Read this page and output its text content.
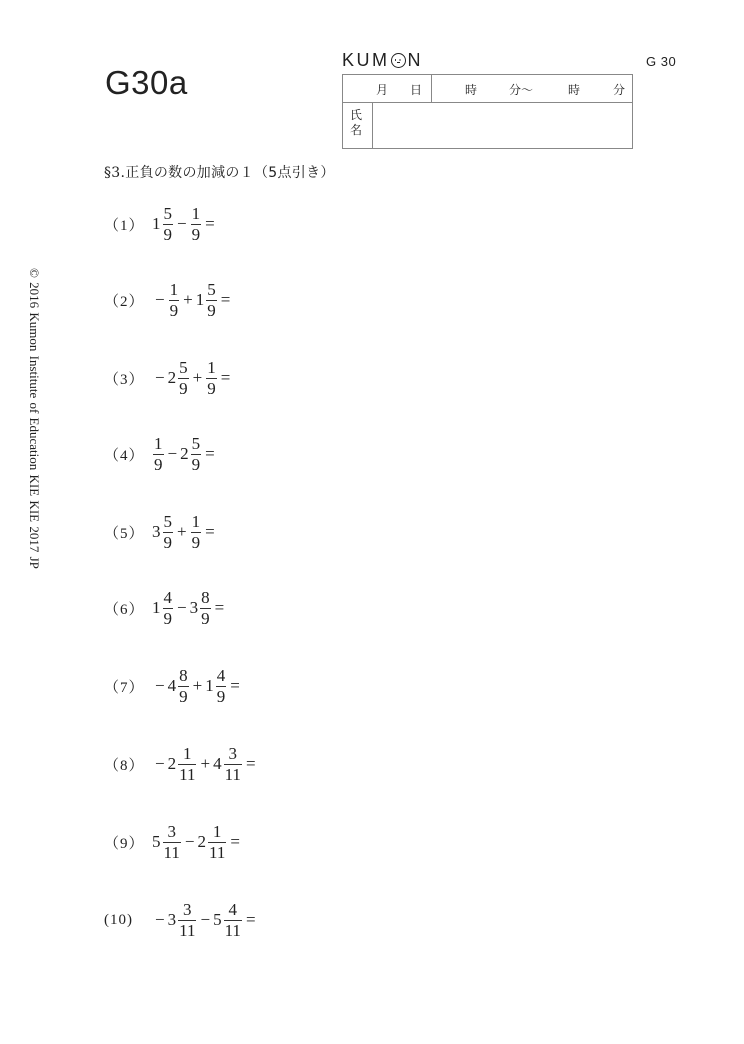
G30a
KUM N	G 30
月 日	時	分～	時	分
氏
名
§3.正負の数の加減の１（5点引き）
© 2016 Kumon Institute of Education KIE KIE 2017 JP
（1） $1 \frac{5}{9} - \frac{1}{9}$ =
$(2) - \frac{1}{9} + 1 \frac{5}{9}$ =
$(3) - 2 \frac{5}{9} + \frac{1}{9}$ =
$(4) \frac{1}{9} - 2 \frac{5}{9}$ =
（5） $3 \frac{5}{9} + \frac{1}{9}$ =
（6） $1 \frac{4}{9} - 3 \frac{8}{9}$ =
$(7) - 4 \frac{8}{9} + 1 \frac{4}{9}$ =
$(8) - 2 \frac{1}{11} + 4 \frac{3}{11}$ =
（9） $5 \frac{3}{11} - 2 \frac{1}{11}$ =
(10)	− $3 \frac{3}{11} - 5 \frac{4}{11}$ =
